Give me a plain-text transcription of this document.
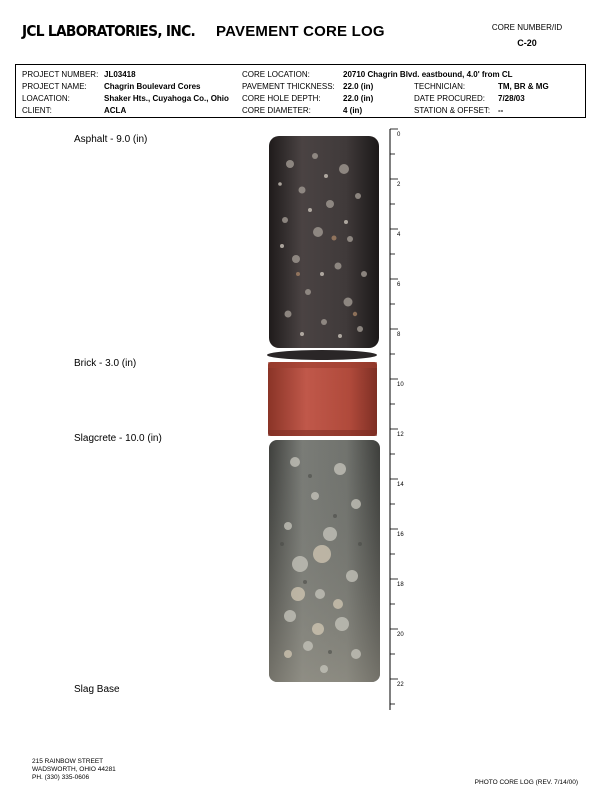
JCL LABORATORIES, INC. PAVEMENT CORE LOG	CORE NUMBER/ID
C-20
PROJECT NUMBER: JL03418
PROJECT NAME: Chagrin Boulevard Cores
LOACATION:	Shaker Hts., Cuyahoga Co., Ohio
CLIENT:	ACLA
CORE LOCATION:	20710 Chagrin Blvd. eastbound, 4.0' from CL
PAVEMENT THICKNESS: 22.0 (in)
CORE HOLE DEPTH:	22.0 (in)
CORE DIAMETER:	4 (in)
TECHNICIAN:	TM, BR & MG
DATE PROCURED: 7/28/03
STATION & OFFSET: --
Asphalt - 9.0 (in)
Brick - 3.0 (in)
Slagcrete - 10.0 (in)
Slag Base
0
2
4
6
8
10
12
14
16
18
20
22
215 RAINBOW STREET
WADSWORTH, OHIO 44281
PH. (330) 335-0606
PHOTO CORE LOG (REV. 7/14/00)
